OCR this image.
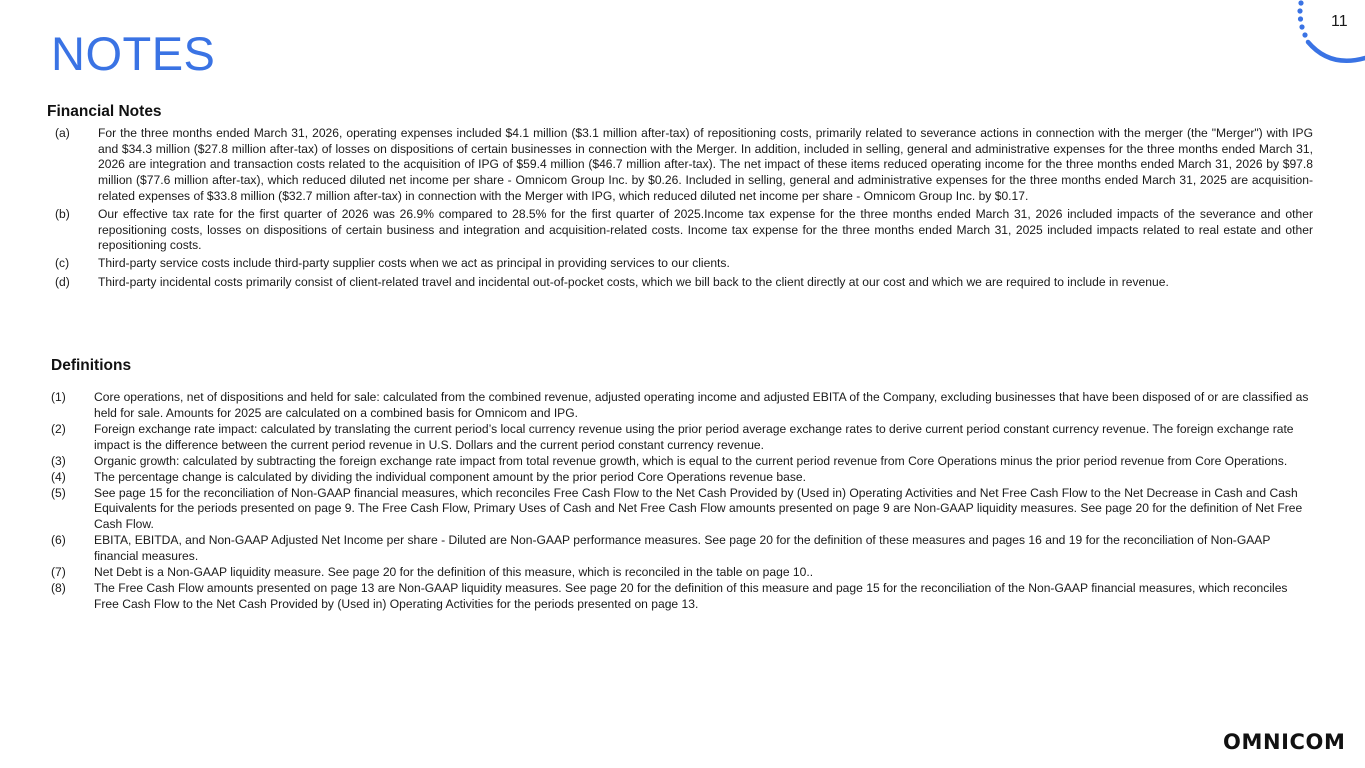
NOTES
11
Financial Notes
(a)	For the three months ended March 31, 2026, operating expenses included $4.1 million ($3.1 million after-tax) of repositioning costs, primarily related to severance actions in connection with the merger (the "Merger") with IPG and $34.3 million ($27.8 million after-tax) of losses on dispositions of certain businesses in connection with the Merger. In addition, included in selling, general and administrative expenses for the three months ended March 31, 2026 are integration and transaction costs related to the acquisition of IPG of $59.4 million ($46.7 million after-tax). The net impact of these items reduced operating income for the three months ended March 31, 2026 by $97.8 million ($77.6 million after-tax), which reduced diluted net income per share - Omnicom Group Inc. by $0.26. Included in selling, general and administrative expenses for the three months ended March 31, 2025 are acquisition-related expenses of $33.8 million ($32.7 million after-tax) in connection with the Merger with IPG, which reduced diluted net income per share - Omnicom Group Inc. by $0.17.
(b)	Our effective tax rate for the first quarter of 2026 was 26.9% compared to 28.5% for the first quarter of 2025.Income tax expense for the three months ended March 31, 2026 included impacts of the severance and other repositioning costs, losses on dispositions of certain business and integration and acquisition-related costs. Income tax expense for the three months ended March 31, 2025 included impacts related to real estate and other repositioning costs.
(c)	Third-party service costs include third-party supplier costs when we act as principal in providing services to our clients.
(d)	Third-party incidental costs primarily consist of client-related travel and incidental out-of-pocket costs, which we bill back to the client directly at our cost and which we are required to include in revenue.
Definitions
(1)	Core operations, net of dispositions and held for sale: calculated from the combined revenue, adjusted operating income and adjusted EBITA of the Company, excluding businesses that have been disposed of or are classified as held for sale. Amounts for 2025 are calculated on a combined basis for Omnicom and IPG.
(2)	Foreign exchange rate impact: calculated by translating the current period’s local currency revenue using the prior period average exchange rates to derive current period constant currency revenue. The foreign exchange rate impact is the difference between the current period revenue in U.S. Dollars and the current period constant currency revenue.
(3)	Organic growth: calculated by subtracting the foreign exchange rate impact from total revenue growth, which is equal to the current period revenue from Core Operations minus the prior period revenue from Core Operations.
(4)	The percentage change is calculated by dividing the individual component amount by the prior period Core Operations revenue base.
(5)	See page 15 for the reconciliation of Non-GAAP financial measures, which reconciles Free Cash Flow to the Net Cash Provided by (Used in) Operating Activities and Net Free Cash Flow to the Net Decrease in Cash and Cash Equivalents for the periods presented on page 9. The Free Cash Flow, Primary Uses of Cash and Net Free Cash Flow amounts presented on page 9 are Non-GAAP liquidity measures. See page 20 for the definition of Net Free Cash Flow.
(6)	EBITA, EBITDA, and Non-GAAP Adjusted Net Income per share - Diluted are Non-GAAP performance measures. See page 20 for the definition of these measures and pages 16 and 19 for the reconciliation of Non-GAAP financial measures.
(7)	Net Debt is a Non-GAAP liquidity measure. See page 20 for the definition of this measure, which is reconciled in the table on page 10..
(8)	The Free Cash Flow amounts presented on page 13 are Non-GAAP liquidity measures. See page 20 for the definition of this measure and page 15 for the reconciliation of the Non-GAAP financial measures, which reconciles Free Cash Flow to the Net Cash Provided by (Used in) Operating Activities for the periods presented on page 13.
OMNICOM
